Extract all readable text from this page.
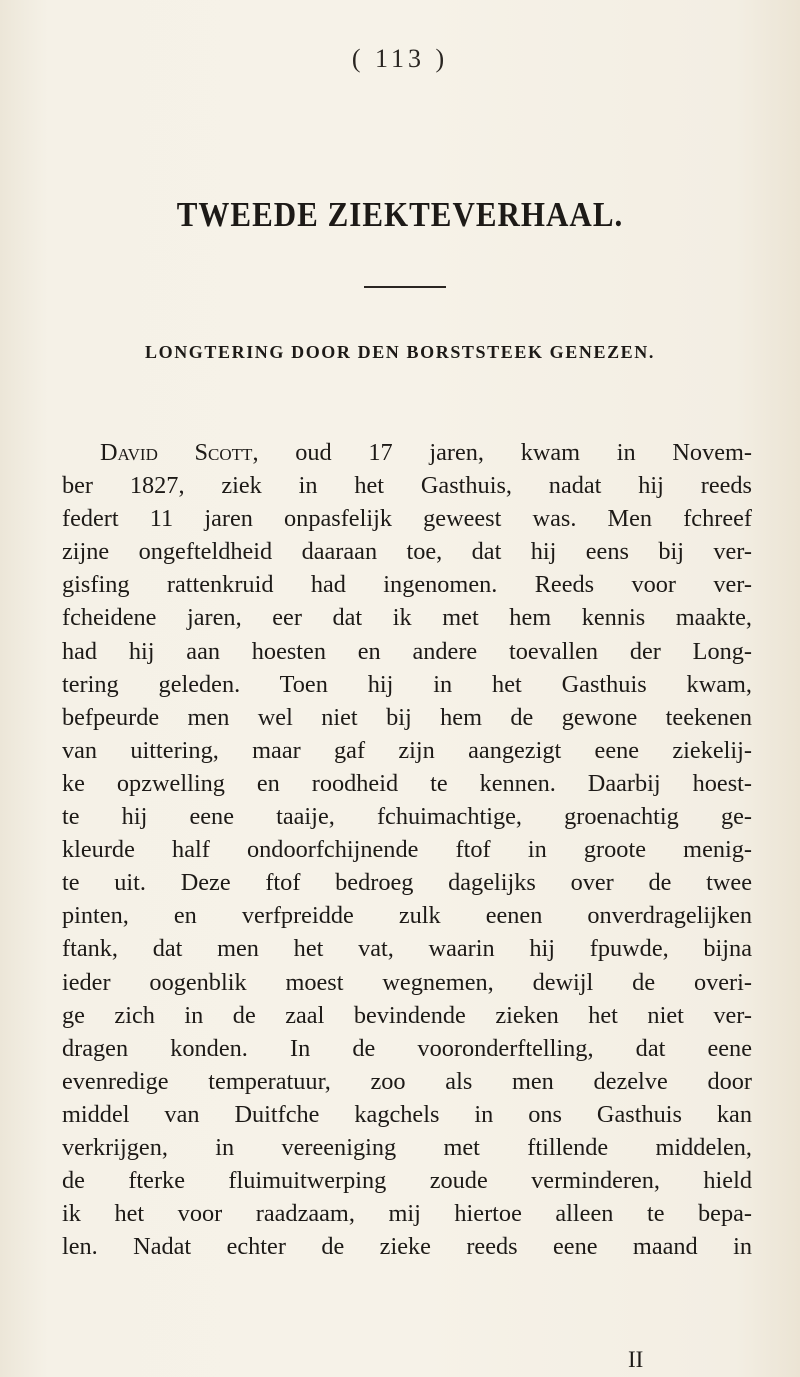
( 113 )
TWEEDE ZIEKTEVERHAAL.
LONGTERING DOOR DEN BORSTSTEEK GENEZEN.
David Scott, oud 17 jaren, kwam in Novem-
ber 1827, ziek in het Gasthuis, nadat hij reeds
federt 11 jaren onpasfelijk geweest was. Men fchreef
zijne ongefteldheid daaraan toe, dat hij eens bij ver-
gisfing rattenkruid had ingenomen. Reeds voor ver-
fcheidene jaren, eer dat ik met hem kennis maakte,
had hij aan hoesten en andere toevallen der Long-
tering geleden. Toen hij in het Gasthuis kwam,
befpeurde men wel niet bij hem de gewone teekenen
van uittering, maar gaf zijn aangezigt eene ziekelij-
ke opzwelling en roodheid te kennen. Daarbij hoest-
te hij eene taaije, fchuimachtige, groenachtig ge-
kleurde half ondoorfchijnende ftof in groote menig-
te uit. Deze ftof bedroeg dagelijks over de twee
pinten, en verfpreidde zulk eenen onverdragelijken
ftank, dat men het vat, waarin hij fpuwde, bijna
ieder oogenblik moest wegnemen, dewijl de overi-
ge zich in de zaal bevindende zieken het niet ver-
dragen konden. In de vooronderftelling, dat eene
evenredige temperatuur, zoo als men dezelve door
middel van Duitfche kagchels in ons Gasthuis kan
verkrijgen, in vereeniging met ftillende middelen,
de fterke fluimuitwerping zoude verminderen, hield
ik het voor raadzaam, mij hiertoe alleen te bepa-
len. Nadat echter de zieke reeds eene maand in
II
